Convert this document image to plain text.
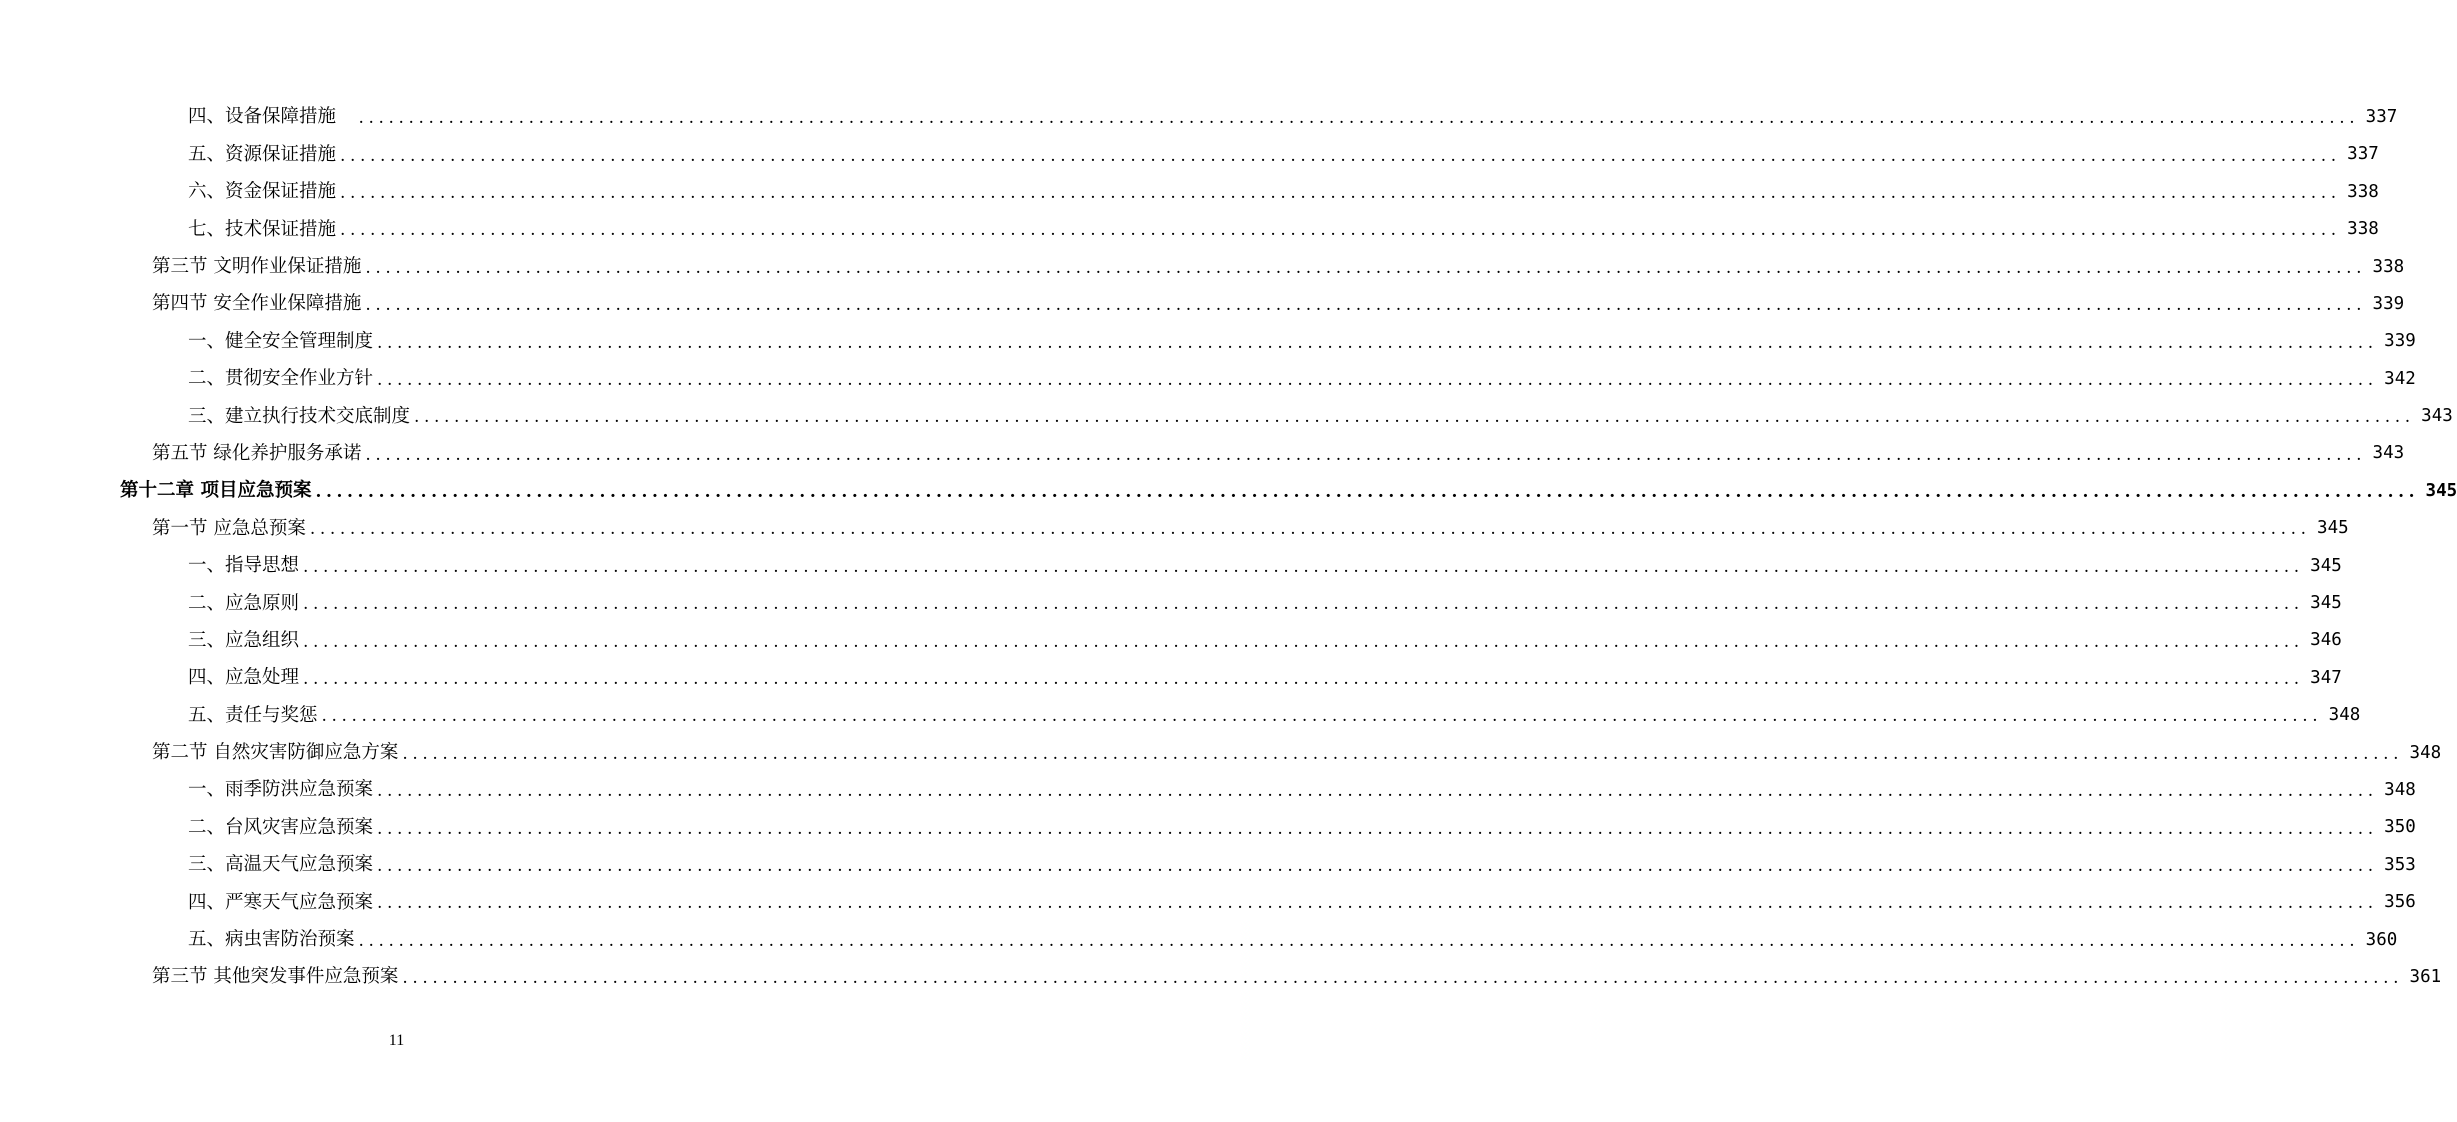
四、设备保障措施　 ........................................................................................................................................................................................................ 337
五、资源保证措施 ........................................................................................................................................................................................................ 337
六、资金保证措施 ........................................................................................................................................................................................................ 338
七、技术保证措施 ........................................................................................................................................................................................................ 338
第三节 文明作业保证措施 ........................................................................................................................................................................................................ 338
第四节 安全作业保障措施 ........................................................................................................................................................................................................ 339
一、健全安全管理制度 ........................................................................................................................................................................................................ 339
二、贯彻安全作业方针 ........................................................................................................................................................................................................ 342
三、建立执行技术交底制度 ........................................................................................................................................................................................................ 343
第五节 绿化养护服务承诺 ........................................................................................................................................................................................................ 343
第十二章 项目应急预案 ........................................................................................................................................................................................................ 345
第一节 应急总预案 ........................................................................................................................................................................................................ 345
一、指导思想 ........................................................................................................................................................................................................ 345
二、应急原则 ........................................................................................................................................................................................................ 345
三、应急组织 ........................................................................................................................................................................................................ 346
四、应急处理 ........................................................................................................................................................................................................ 347
五、责任与奖惩 ........................................................................................................................................................................................................ 348
第二节 自然灾害防御应急方案 ........................................................................................................................................................................................................ 348
一、雨季防洪应急预案 ........................................................................................................................................................................................................ 348
二、台风灾害应急预案 ........................................................................................................................................................................................................ 350
三、高温天气应急预案 ........................................................................................................................................................................................................ 353
四、严寒天气应急预案 ........................................................................................................................................................................................................ 356
五、病虫害防治预案 ........................................................................................................................................................................................................ 360
第三节 其他突发事件应急预案 ........................................................................................................................................................................................................ 361
11
